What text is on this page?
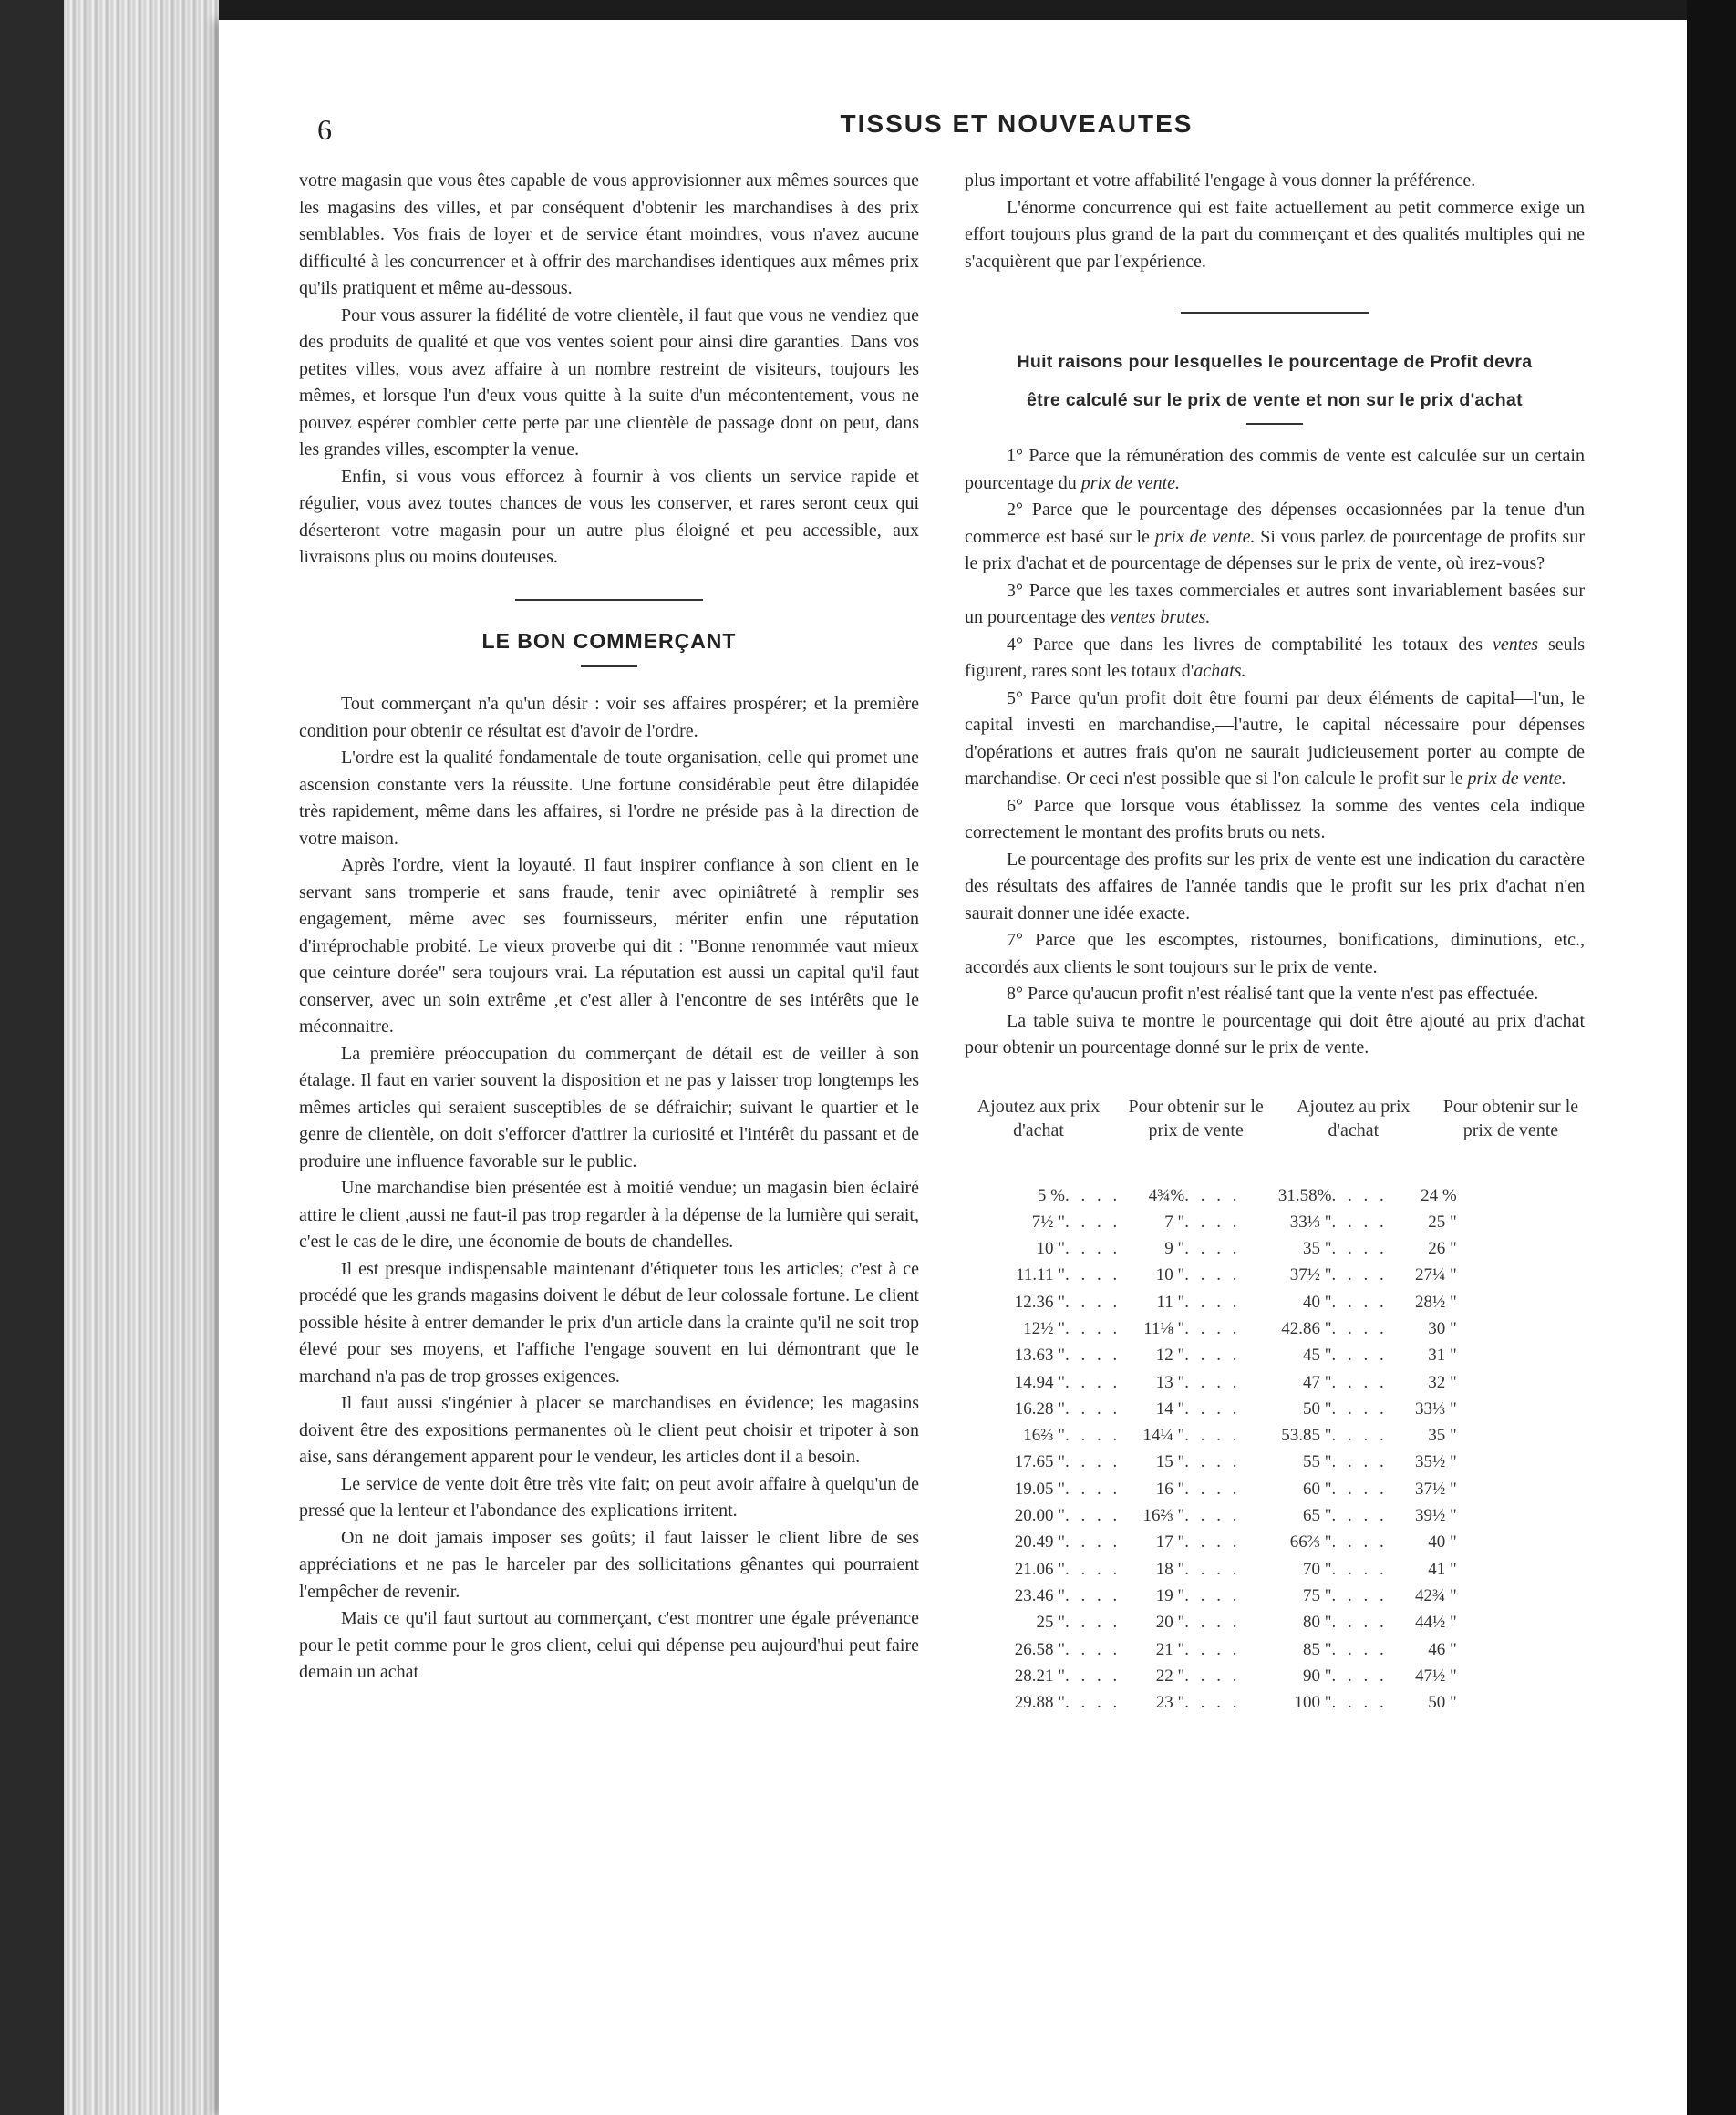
6	TISSUS ET NOUVEAUTES

votre magasin que vous êtes capable de vous approvisionner aux mêmes sources que les magasins des villes, et par conséquent d'obtenir les marchandises à des prix semblables. Vos frais de loyer et de service étant moindres, vous n'avez aucune difficulté à les concurrencer et à offrir des marchandises identiques aux mêmes prix qu'ils pratiquent et même au-dessous.

Pour vous assurer la fidélité de votre clientèle, il faut que vous ne vendiez que des produits de qualité et que vos ventes soient pour ainsi dire garanties. Dans vos petites villes, vous avez affaire à un nombre restreint de visiteurs, toujours les mêmes, et lorsque l'un d'eux vous quitte à la suite d'un mécontentement, vous ne pouvez espérer combler cette perte par une clientèle de passage dont on peut, dans les grandes villes, escompter la venue.

Enfin, si vous vous efforcez à fournir à vos clients un service rapide et régulier, vous avez toutes chances de vous les conserver, et rares seront ceux qui déserteront votre magasin pour un autre plus éloigné et peu accessible, aux livraisons plus ou moins douteuses.

LE BON COMMERÇANT

Tout commerçant n'a qu'un désir : voir ses affaires prospérer; et la première condition pour obtenir ce résultat est d'avoir de l'ordre.

L'ordre est la qualité fondamentale de toute organisation, celle qui promet une ascension constante vers la réussite. Une fortune considérable peut être dilapidée très rapidement, même dans les affaires, si l'ordre ne préside pas à la direction de votre maison.

Après l'ordre, vient la loyauté. Il faut inspirer confiance à son client en le servant sans tromperie et sans fraude, tenir avec opiniâtreté à remplir ses engagement, même avec ses fournisseurs, mériter enfin une réputation d'irréprochable probité. Le vieux proverbe qui dit : "Bonne renommée vaut mieux que ceinture dorée" sera toujours vrai. La réputation est aussi un capital qu'il faut conserver, avec un soin extrême ,et c'est aller à l'encontre de ses intérêts que le méconnaitre.

La première préoccupation du commerçant de détail est de veiller à son étalage. Il faut en varier souvent la disposition et ne pas y laisser trop longtemps les mêmes articles qui seraient susceptibles de se défraichir; suivant le quartier et le genre de clientèle, on doit s'efforcer d'attirer la curiosité et l'intérêt du passant et de produire une influence favorable sur le public.

Une marchandise bien présentée est à moitié vendue; un magasin bien éclairé attire le client ,aussi ne faut-il pas trop regarder à la dépense de la lumière qui serait, c'est le cas de le dire, une économie de bouts de chandelles.

Il est presque indispensable maintenant d'étiqueter tous les articles; c'est à ce procédé que les grands magasins doivent le début de leur colossale fortune. Le client possible hésite à entrer demander le prix d'un article dans la crainte qu'il ne soit trop élevé pour ses moyens, et l'affiche l'engage souvent en lui démontrant que le marchand n'a pas de trop grosses exigences.

Il faut aussi s'ingénier à placer se marchandises en évidence; les magasins doivent être des expositions permanentes où le client peut choisir et tripoter à son aise, sans dérangement apparent pour le vendeur, les articles dont il a besoin.

Le service de vente doit être très vite fait; on peut avoir affaire à quelqu'un de pressé que la lenteur et l'abondance des explications irritent.

On ne doit jamais imposer ses goûts; il faut laisser le client libre de ses appréciations et ne pas le harceler par des sollicitations gênantes qui pourraient l'empêcher de revenir.

Mais ce qu'il faut surtout au commerçant, c'est montrer une égale prévenance pour le petit comme pour le gros client, celui qui dépense peu aujourd'hui peut faire demain un achat

plus important et votre affabilité l'engage à vous donner la préférence.

L'énorme concurrence qui est faite actuellement au petit commerce exige un effort toujours plus grand de la part du commerçant et des qualités multiples qui ne s'acquièrent que par l'expérience.

Huit raisons pour lesquelles le pourcentage de Profit devra
être calculé sur le prix de vente et non sur le prix d'achat

1° Parce que la rémunération des commis de vente est calculée sur un certain pourcentage du prix de vente.

2° Parce que le pourcentage des dépenses occasionnées par la tenue d'un commerce est basé sur le prix de vente. Si vous parlez de pourcentage de profits sur le prix d'achat et de pourcentage de dépenses sur le prix de vente, où irez-vous?

3° Parce que les taxes commerciales et autres sont invariablement basées sur un pourcentage des ventes brutes.

4° Parce que dans les livres de comptabilité les totaux des ventes seuls figurent, rares sont les totaux d'achats.

5° Parce qu'un profit doit être fourni par deux éléments de capital—l'un, le capital investi en marchandise,—l'autre, le capital nécessaire pour dépenses d'opérations et autres frais qu'on ne saurait judicieusement porter au compte de marchandise. Or ceci n'est possible que si l'on calcule le profit sur le prix de vente.

6° Parce que lorsque vous établissez la somme des ventes cela indique correctement le montant des profits bruts ou nets.

Le pourcentage des profits sur les prix de vente est une indication du caractère des résultats des affaires de l'année tandis que le profit sur les prix d'achat n'en saurait donner une idée exacte.

7° Parce que les escomptes, ristournes, bonifications, diminutions, etc., accordés aux clients le sont toujours sur le prix de vente.

8° Parce qu'aucun profit n'est réalisé tant que la vente n'est pas effectuée.

La table suiva te montre le pourcentage qui doit être ajouté au prix d'achat pour obtenir un pourcentage donné sur le prix de vente.

Ajoutez aux prix d'achat
Pour obtenir sur le prix de vente
Ajoutez au prix d'achat
Pour obtenir sur le prix de vente
5 %	. . . .	4¾%	. . . .	31.58%	. . . .	24 %
7½ "	. . . .	7 "	. . . .	33⅓ "	. . . .	25 "
10 "	. . . .	9 "	. . . .	35 "	. . . .	26 "
11.11 "	. . . .	10 "	. . . .	37½ "	. . . .	27¼ "
12.36 "	. . . .	11 "	. . . .	40 "	. . . .	28½ "
12½ "	. . . .	11⅛ "	. . . .	42.86 "	. . . .	30 "
13.63 "	. . . .	12 "	. . . .	45 "	. . . .	31 "
14.94 "	. . . .	13 "	. . . .	47 "	. . . .	32 "
16.28 "	. . . .	14 "	. . . .	50 "	. . . .	33⅓ "
16⅔ "	. . . .	14¼ "	. . . .	53.85 "	. . . .	35 "
17.65 "	. . . .	15 "	. . . .	55 "	. . . .	35½ "
19.05 "	. . . .	16 "	. . . .	60 "	. . . .	37½ "
20.00 "	. . . .	16⅔ "	. . . .	65 "	. . . .	39½ "
20.49 "	. . . .	17 "	. . . .	66⅔ "	. . . .	40 "
21.06 "	. . . .	18 "	. . . .	70 "	. . . .	41 "
23.46 "	. . . .	19 "	. . . .	75 "	. . . .	42¾ "
25 "	. . . .	20 "	. . . .	80 "	. . . .	44½ "
26.58 "	. . . .	21 "	. . . .	85 "	. . . .	46 "
28.21 "	. . . .	22 "	. . . .	90 "	. . . .	47½ "
29.88 "	. . . .	23 "	. . . .	100 "	. . . .	50 "
